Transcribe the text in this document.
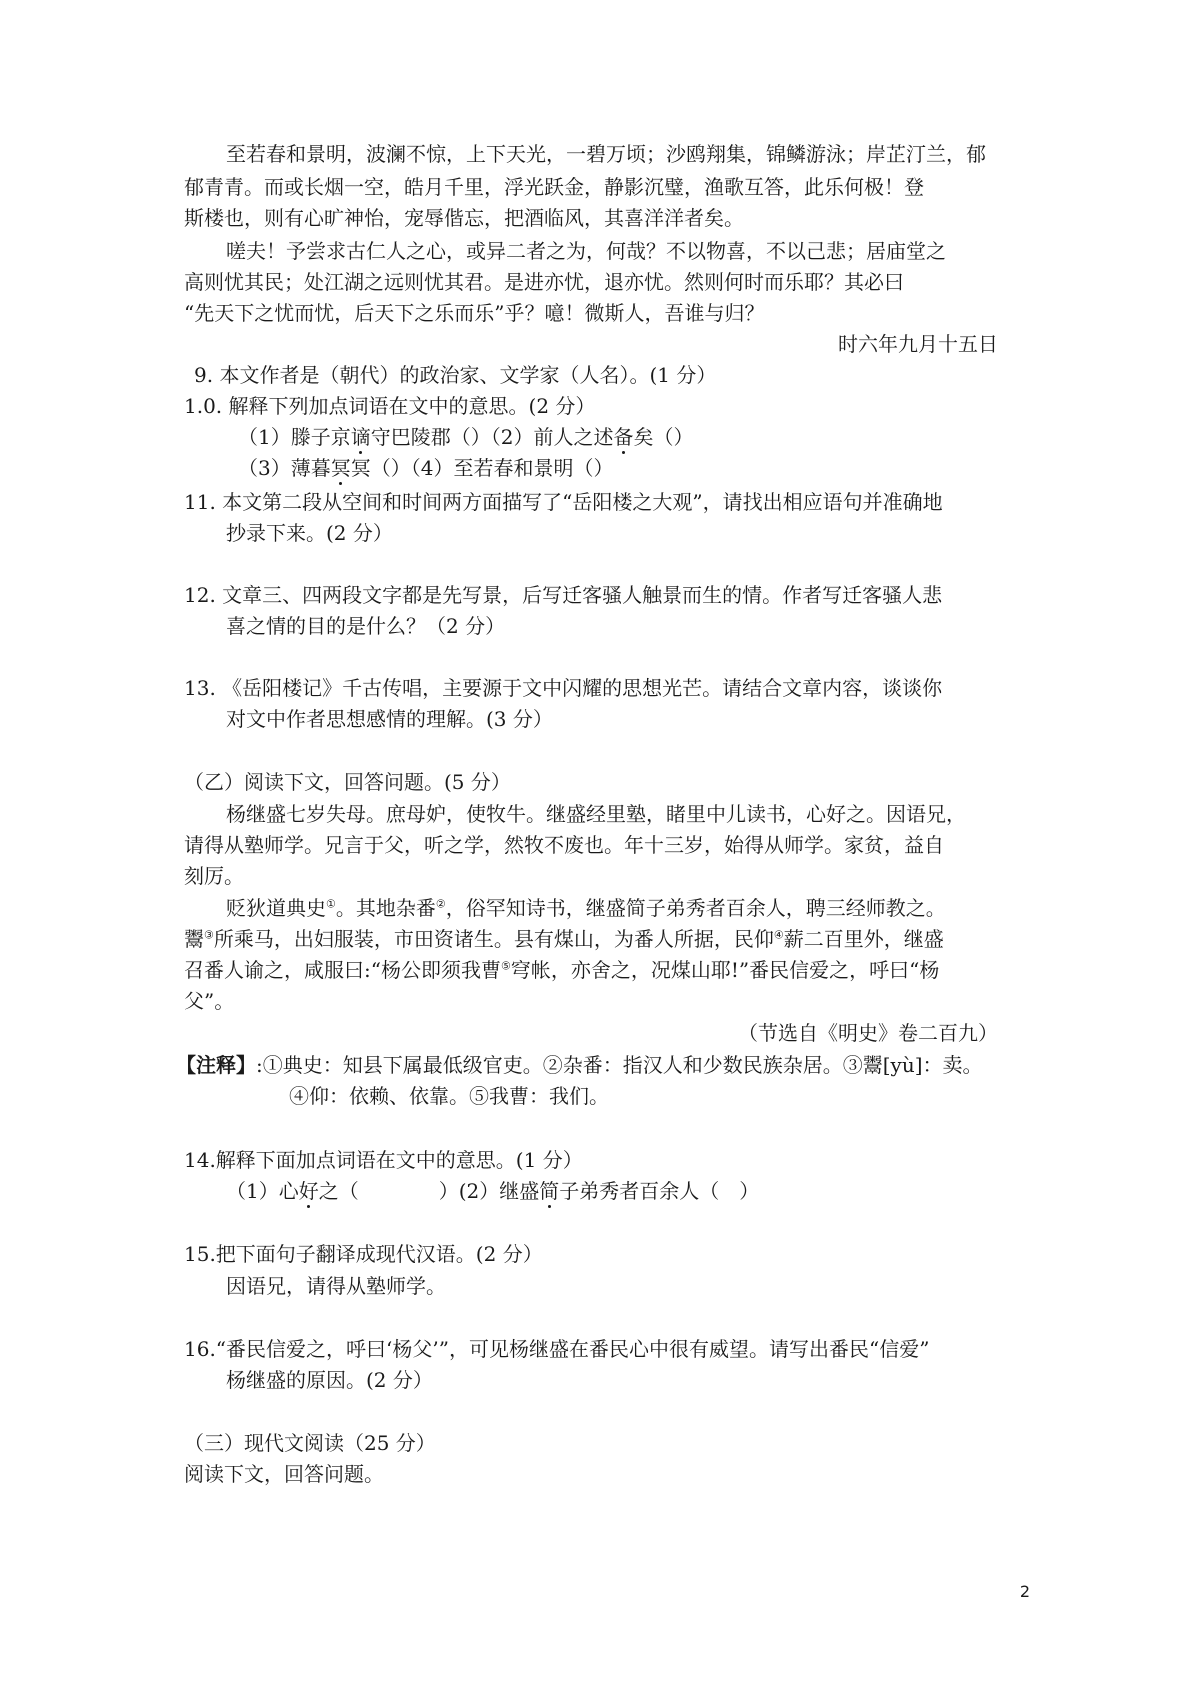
至若春和景明，波澜不惊，上下天光，一碧万顷；沙鸥翔集，锦鳞游泳；岸芷汀兰，郁
郁青青。而或长烟一空，皓月千里，浮光跃金，静影沉璧，渔歌互答，此乐何极！登
斯楼也，则有心旷神怡，宠辱偕忘，把酒临风，其喜洋洋者矣。
嗟夫！予尝求古仁人之心，或异二者之为，何哉？不以物喜，不以己悲；居庙堂之
高则忧其民；处江湖之远则忧其君。是进亦忧，退亦忧。然则何时而乐耶？其必曰
“先天下之忧而忧，后天下之乐而乐”乎？噫！微斯人，吾谁与归？
时六年九月十五日
9. 本文作者是（朝代）的政治家、文学家（人名）。(1 分）
1.0. 解释下列加点词语在文中的意思。(2 分）
（1）滕子京谪守巴陵郡（）（2）前人之述备矣（）
（3）薄暮冥冥（）（4）至若春和景明（）
11. 本文第二段从空间和时间两方面描写了“岳阳楼之大观”，请找出相应语句并准确地
抄录下来。(2 分）
12. 文章三、四两段文字都是先写景，后写迁客骚人触景而生的情。作者写迁客骚人悲
喜之情的目的是什么？（2 分）
13. 《岳阳楼记》千古传唱，主要源于文中闪耀的思想光芒。请结合文章内容，谈谈你
对文中作者思想感情的理解。(3 分）
（乙）阅读下文，回答问题。(5 分）
杨继盛七岁失母。庶母妒，使牧牛。继盛经里塾，睹里中儿读书，心好之。因语兄，
请得从塾师学。兄言于父，听之学，然牧不废也。年十三岁，始得从师学。家贫，益自
刻厉。
贬狄道典史①。其地杂番②，俗罕知诗书，继盛简子弟秀者百余人，聘三经师教之。
鬻③所乘马，出妇服装，市田资诸生。县有煤山，为番人所据，民仰④薪二百里外，继盛
召番人谕之，咸服曰:“杨公即须我曹⑤穹帐，亦舍之，况煤山耶!”番民信爱之，呼曰“杨
父”。
（节选自《明史》卷二百九）
【注释】:①典史：知县下属最低级官吏。②杂番：指汉人和少数民族杂居。③鬻[yù]：卖。
④仰：依赖、依靠。⑤我曹：我们。
14.解释下面加点词语在文中的意思。(1 分）
（1）心好之（　　　　）(2）继盛简子弟秀者百余人（　）
15.把下面句子翻译成现代汉语。(2 分）
因语兄，请得从塾师学。
16.“番民信爱之，呼曰‘杨父’”，可见杨继盛在番民心中很有威望。请写出番民“信爱”
杨继盛的原因。(2 分）
（三）现代文阅读（25 分）
阅读下文，回答问题。
2
